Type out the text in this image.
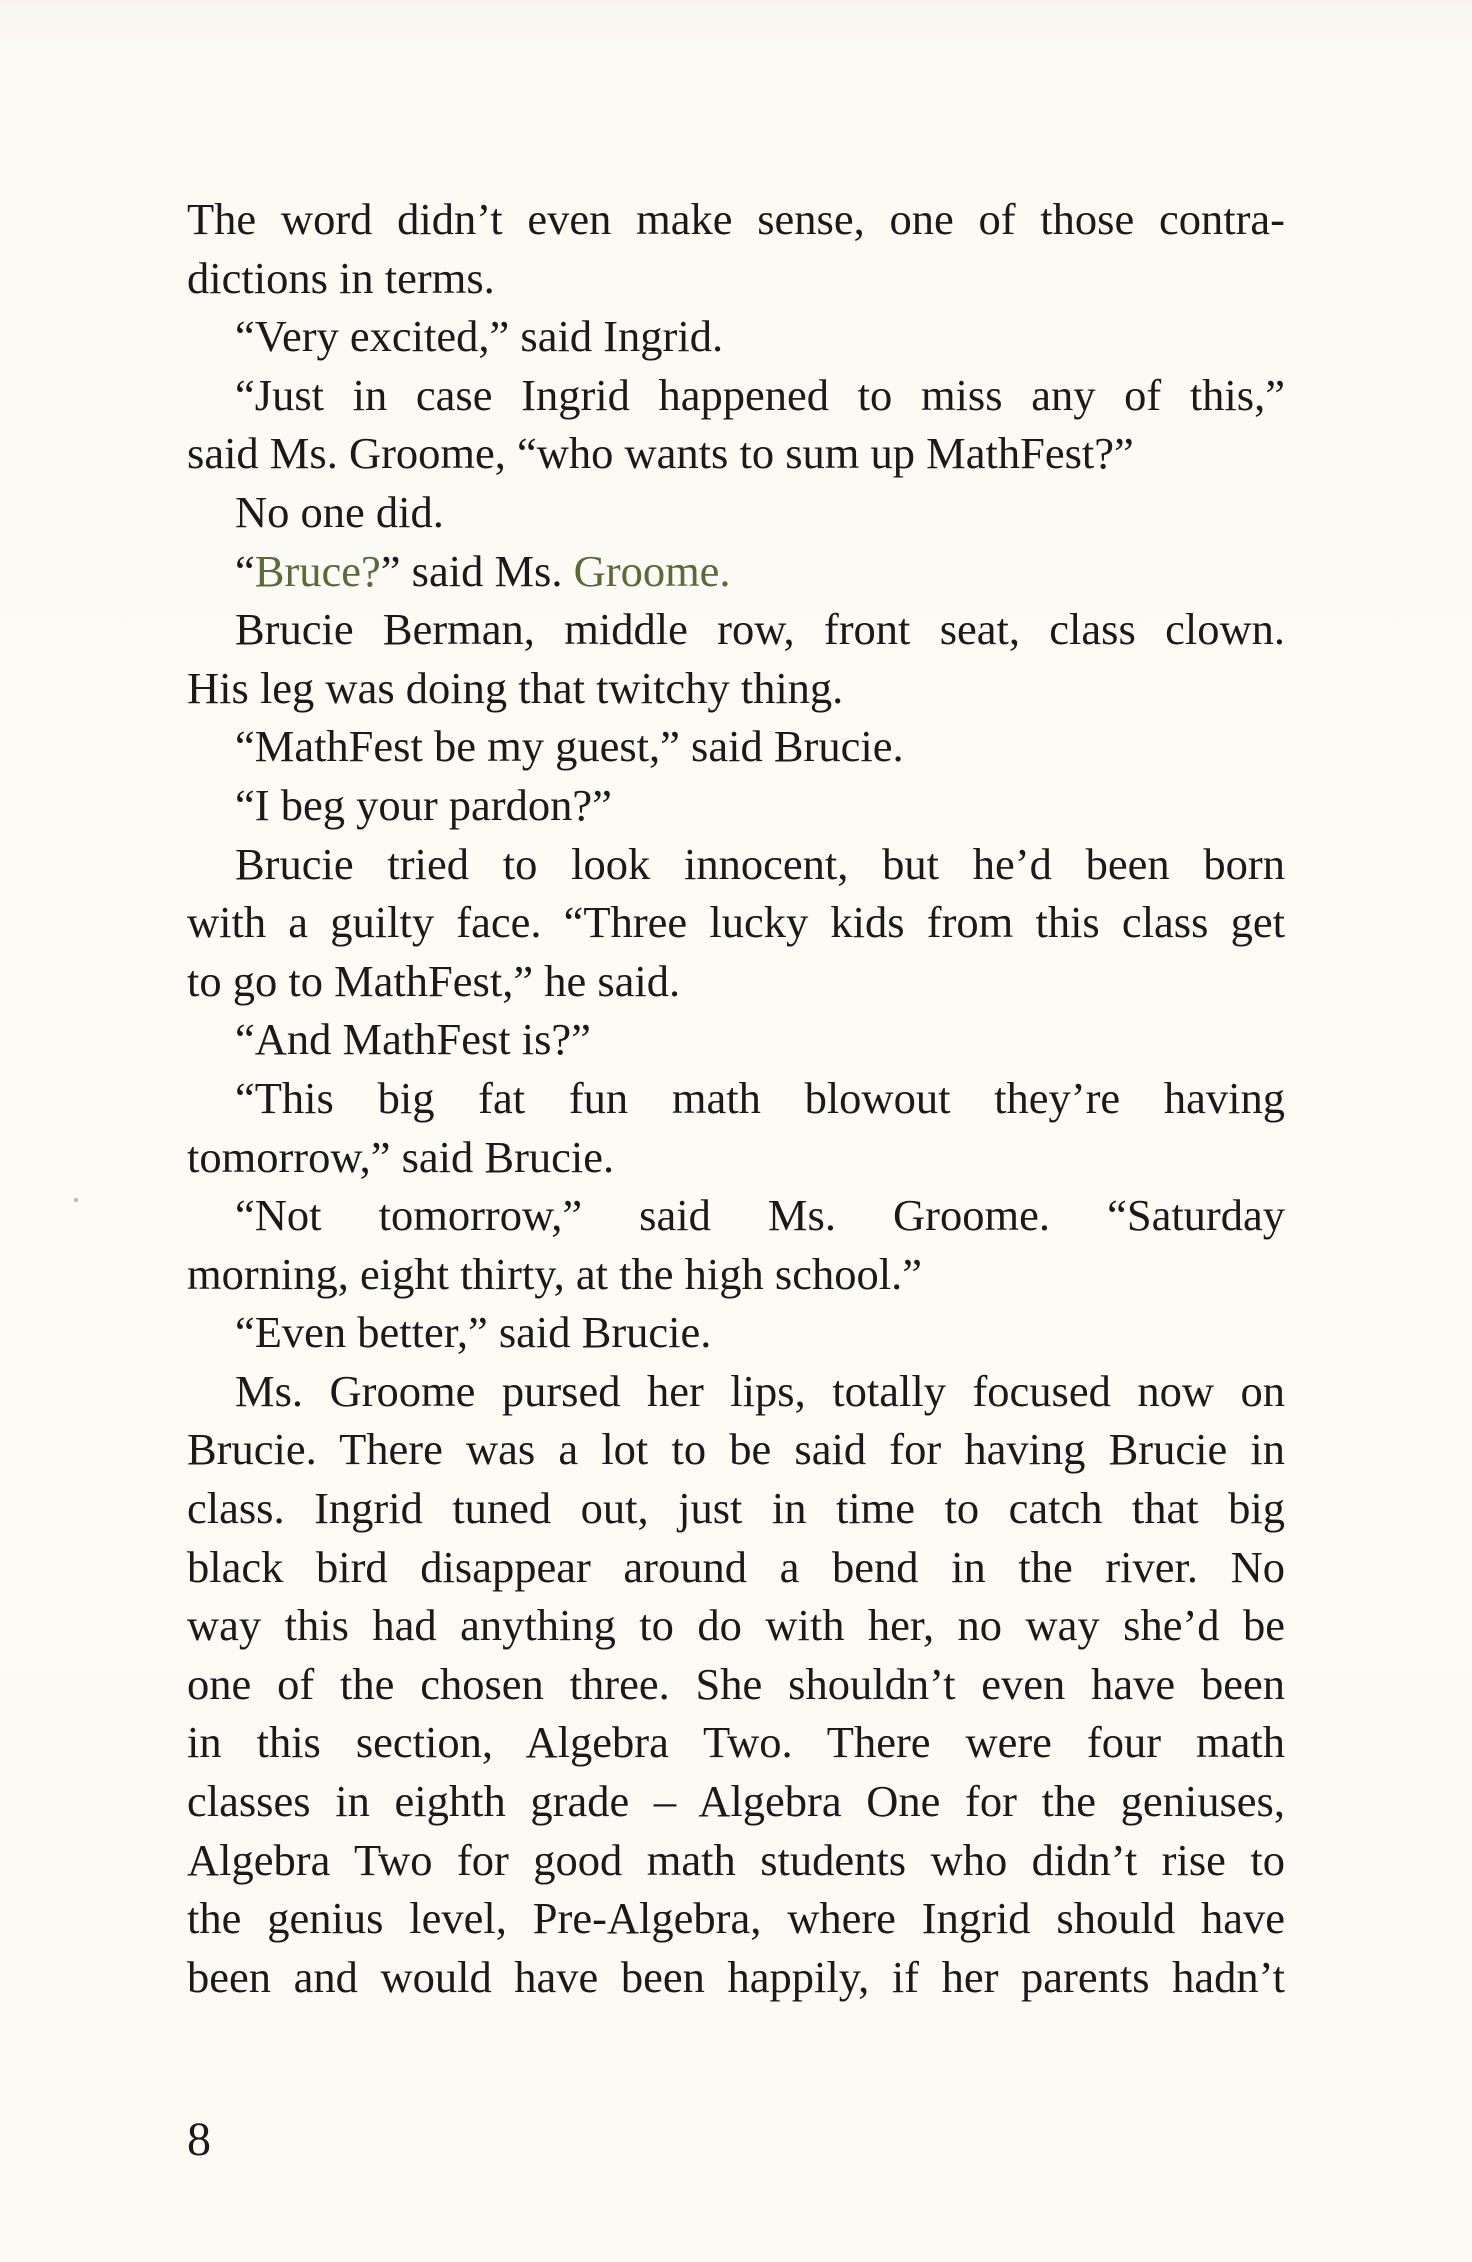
The word didn’t even make sense, one of those contra-
dictions in terms.
“Very excited,” said Ingrid.
“Just in case Ingrid happened to miss any of this,”
said Ms. Groome, “who wants to sum up MathFest?”
No one did.
“Bruce?” said Ms. Groome.
Brucie Berman, middle row, front seat, class clown.
His leg was doing that twitchy thing.
“MathFest be my guest,” said Brucie.
“I beg your pardon?”
Brucie tried to look innocent, but he’d been born
with a guilty face. “Three lucky kids from this class get
to go to MathFest,” he said.
“And MathFest is?”
“This big fat fun math blowout they’re having
tomorrow,” said Brucie.
“Not tomorrow,” said Ms. Groome. “Saturday
morning, eight thirty, at the high school.”
“Even better,” said Brucie.
Ms. Groome pursed her lips, totally focused now on
Brucie. There was a lot to be said for having Brucie in
class. Ingrid tuned out, just in time to catch that big
black bird disappear around a bend in the river. No
way this had anything to do with her, no way she’d be
one of the chosen three. She shouldn’t even have been
in this section, Algebra Two. There were four math
classes in eighth grade – Algebra One for the geniuses,
Algebra Two for good math students who didn’t rise to
the genius level, Pre-Algebra, where Ingrid should have
been and would have been happily, if her parents hadn’t
8
